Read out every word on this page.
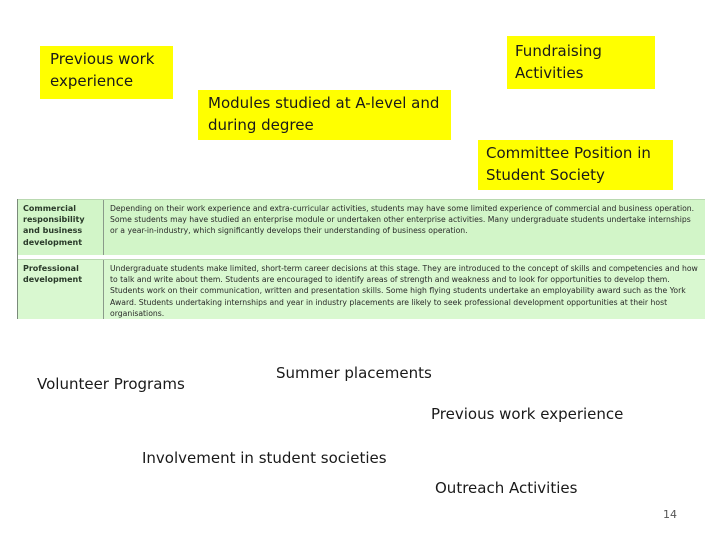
Previous work experience
Fundraising Activities
Modules studied at A-level and during degree
Committee Position in Student Society
Commercial responsibility and business development
Depending on their work experience and extra-curricular activities, students may have some limited experience of commercial and business operation. Some students may have studied an enterprise module or undertaken other enterprise activities. Many undergraduate students undertake internships or a year-in-industry, which significantly develops their understanding of business operation.
Professional development
Undergraduate students make limited, short-term career decisions at this stage. They are introduced to the concept of skills and competencies and how to talk and write about them. Students are encouraged to identify areas of strength and weakness and to look for opportunities to develop them. Students work on their communication, written and presentation skills. Some high flying students undertake an employability award such as the York Award. Students undertaking internships and year in industry placements are likely to seek professional development opportunities at their host organisations.
Volunteer Programs
Summer placements
Previous work experience
Involvement in student societies
Outreach Activities
14
